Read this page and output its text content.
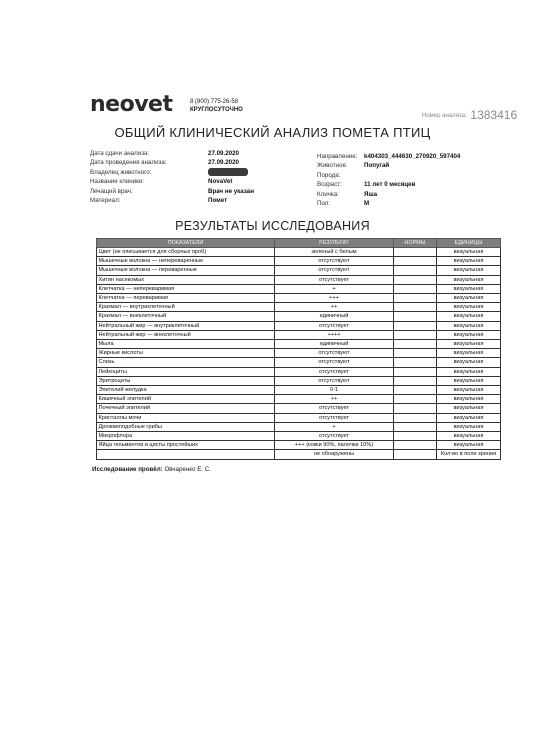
neovet	8 (800) 775-26-58
КРУГЛОСУТОЧНО
Номер анализа: 1383416
ОБЩИЙ КЛИНИЧЕСКИЙ АНАЛИЗ ПОМЕТА ПТИЦ
Дата сдачи анализа:	27.09.2020
Дата проведения анализа:	27.09.2020
Владелец животного:
Название клиники:	NovaVet
Лечащий врач:	Врач не указан
Материал:	Помет
Направление:	k404303_444630_270920_597404
Животное:	Попугай
Порода:
Возраст:	11 лет 0 месяцев
Кличка:	Яша
Пол:	М
РЕЗУЛЬТАТЫ ИССЛЕДОВАНИЯ
ПОКАЗАТЕЛИ	РЕЗУЛЬТАТ	НОРМЫ	ЕДИНИЦЫ
Цвет (не описывается для сборных проб)	зеленый с белым		визуальная
Мышечные волокна — непереваренные	отсутствуют		визуальная
Мышечные волокна — переваренные	отсутствуют		визуальная
Хитин насекомых	отсутствует		визуальная
Клетчатка — непереваримая	+		визуальная
Клетчатка — переваримая	+++		визуальная
Крахмал — внутриклеточный	++		визуальная
Крахмал — внеклеточный	единичный		визуальная
Нейтральный жир — внутриклеточный	отсутствует		визуальная
Нейтральный жир — внеклеточный	++++		визуальная
Мыла	единичный		визуальная
Жирные кислоты	отсутствуют		визуальная
Слизь	отсутствуют		визуальная
Лейкоциты	отсутствует		визуальная
Эритроциты	отсутствуют		визуальная
Эпителий желудка	0-1		визуальная
Кишечный эпителий	++		визуальная
Почечный эпителий	отсутствует		визуальная
Кристаллы мочи	отсутствует		визуальная
Дрожжеподобные грибы	+		визуальная
Микрофлора	отсутствует		визуальная
Яйца гельминтов и цисты простейших	+++ (кокки 90%, палочки 10%)		визуальная
	не обнаружены		Кол-во в поле зрения
Исследование провёл: Овчаренко Е. С.
